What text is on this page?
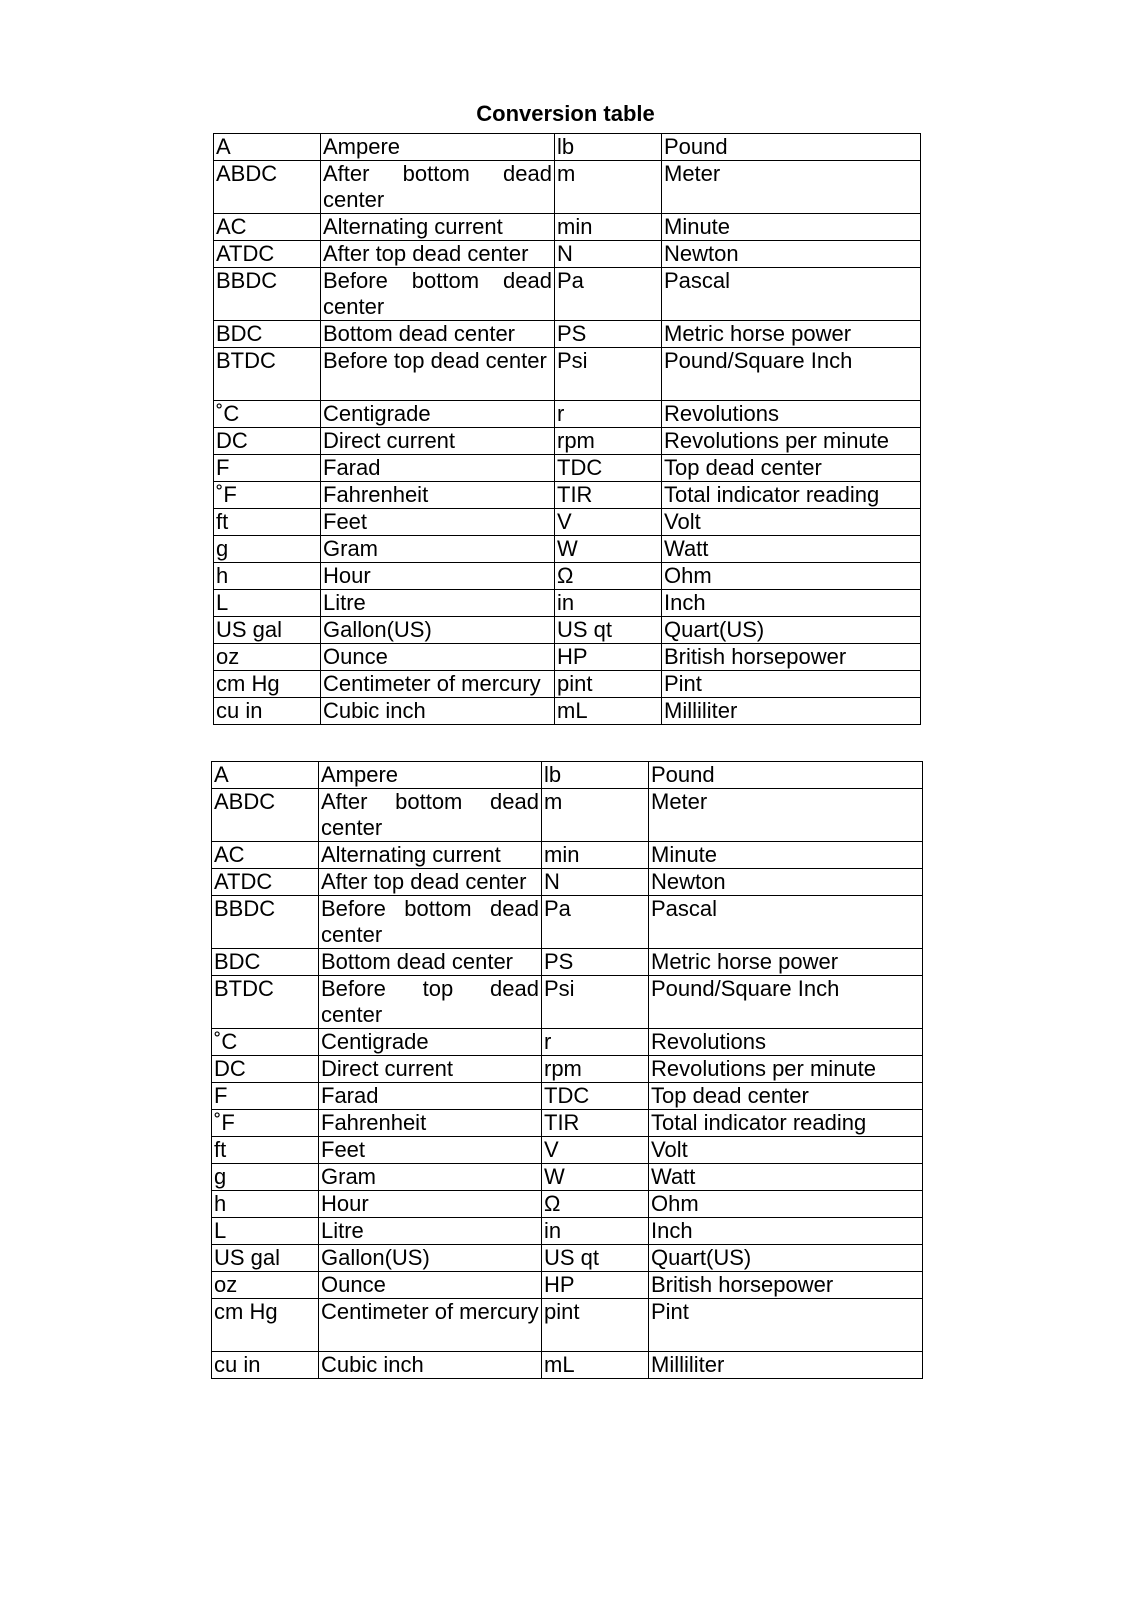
Conversion table
A	Ampere	lb	Pound
ABDC	After bottom dead center	m	Meter
AC	Alternating current	min	Minute
ATDC	After top dead center	N	Newton
BBDC	Before bottom dead center	Pa	Pascal
BDC	Bottom dead center	PS	Metric horse power
BTDC	Before top dead center	Psi	Pound/Square Inch
˚C	Centigrade	r	Revolutions
DC	Direct current	rpm	Revolutions per minute
F	Farad	TDC	Top dead center
˚F	Fahrenheit	TIR	Total indicator reading
ft	Feet	V	Volt
g	Gram	W	Watt
h	Hour	Ω	Ohm
L	Litre	in	Inch
US gal	Gallon(US)	US qt	Quart(US)
oz	Ounce	HP	British horsepower
cm Hg	Centimeter of mercury	pint	Pint
cu in	Cubic inch	mL	Milliliter
A	Ampere	lb	Pound
ABDC	After bottom dead center	m	Meter
AC	Alternating current	min	Minute
ATDC	After top dead center	N	Newton
BBDC	Before bottom dead center	Pa	Pascal
BDC	Bottom dead center	PS	Metric horse power
BTDC	Before top dead center	Psi	Pound/Square Inch
˚C	Centigrade	r	Revolutions
DC	Direct current	rpm	Revolutions per minute
F	Farad	TDC	Top dead center
˚F	Fahrenheit	TIR	Total indicator reading
ft	Feet	V	Volt
g	Gram	W	Watt
h	Hour	Ω	Ohm
L	Litre	in	Inch
US gal	Gallon(US)	US qt	Quart(US)
oz	Ounce	HP	British horsepower
cm Hg	Centimeter of mercury	pint	Pint
cu in	Cubic inch	mL	Milliliter
